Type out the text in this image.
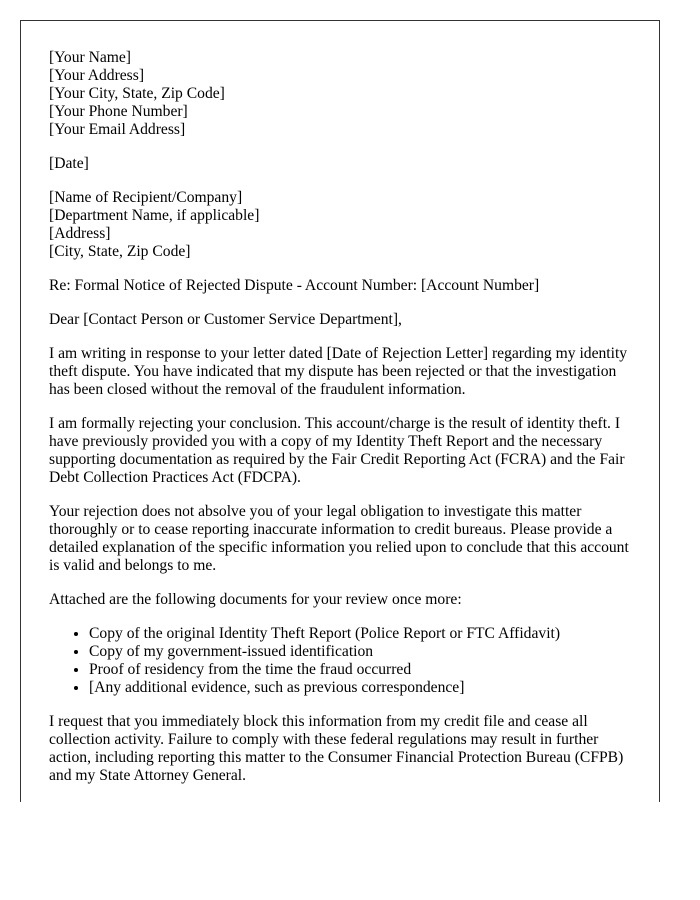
[Your Name]
[Your Address]
[Your City, State, Zip Code]
[Your Phone Number]
[Your Email Address]
[Date]
[Name of Recipient/Company]
[Department Name, if applicable]
[Address]
[City, State, Zip Code]

Re: Formal Notice of Rejected Dispute - Account Number: [Account Number]

Dear [Contact Person or Customer Service Department],

I am writing in response to your letter dated [Date of Rejection Letter] regarding my identity theft dispute. You have indicated that my dispute has been rejected or that the investigation has been closed without the removal of the fraudulent information.

I am formally rejecting your conclusion. This account/charge is the result of identity theft. I have previously provided you with a copy of my Identity Theft Report and the necessary supporting documentation as required by the Fair Credit Reporting Act (FCRA) and the Fair Debt Collection Practices Act (FDCPA).

Your rejection does not absolve you of your legal obligation to investigate this matter thoroughly or to cease reporting inaccurate information to credit bureaus. Please provide a detailed explanation of the specific information you relied upon to conclude that this account is valid and belongs to me.

Attached are the following documents for your review once more:

• Copy of the original Identity Theft Report (Police Report or FTC Affidavit)
• Copy of my government-issued identification
• Proof of residency from the time the fraud occurred
• [Any additional evidence, such as previous correspondence]

I request that you immediately block this information from my credit file and cease all collection activity. Failure to comply with these federal regulations may result in further action, including reporting this matter to the Consumer Financial Protection Bureau (CFPB) and my State Attorney General.
